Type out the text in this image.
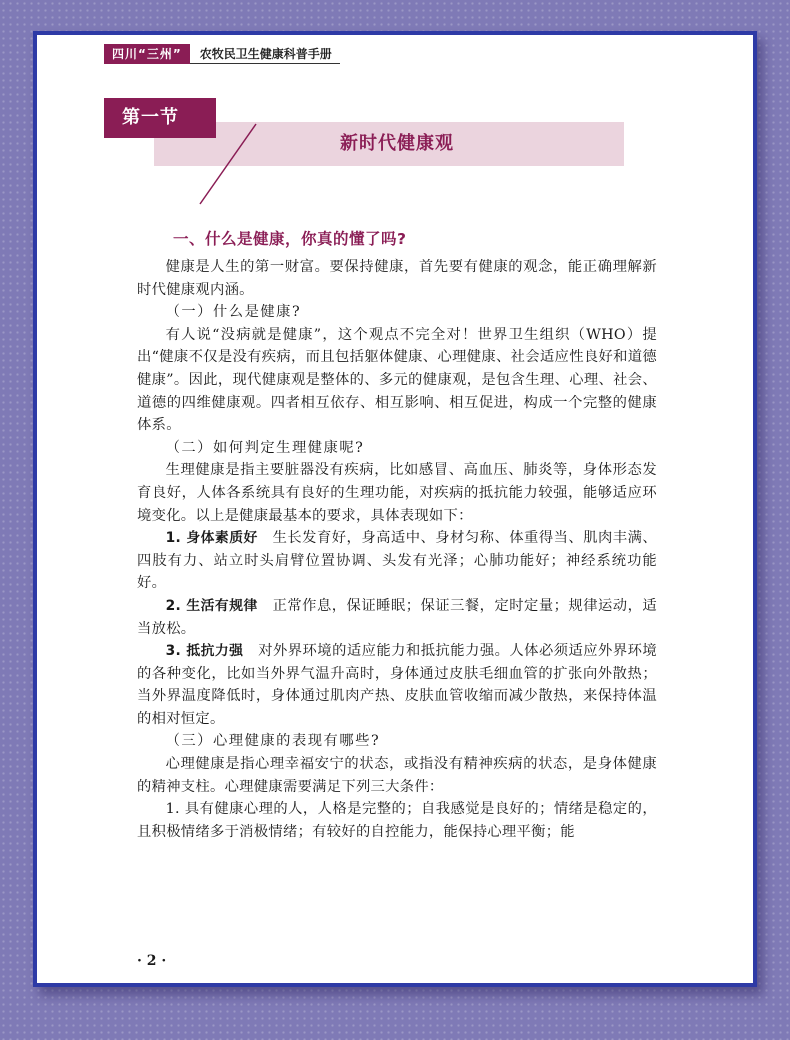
四川“三州”	农牧民卫生健康科普手册
第一节
新时代健康观
一、什么是健康，你真的懂了吗?

健康是人生的第一财富。要保持健康，首先要有健康的观念，能正确理解新时代健康观内涵。

（一）什么是健康?

有人说“没病就是健康”，这个观点不完全对！世界卫生组织（WHO）提出“健康不仅是没有疾病，而且包括躯体健康、心理健康、社会适应性良好和道德健康”。因此，现代健康观是整体的、多元的健康观，是包含生理、心理、社会、道德的四维健康观。四者相互依存、相互影响、相互促进，构成一个完整的健康体系。

（二）如何判定生理健康呢?

生理健康是指主要脏器没有疾病，比如感冒、高血压、肺炎等，身体形态发育良好，人体各系统具有良好的生理功能，对疾病的抵抗能力较强，能够适应环境变化。以上是健康最基本的要求，具体表现如下：

1. 身体素质好　 生长发育好，身高适中、身材匀称、体重得当、肌肉丰满、四肢有力、站立时头肩臂位置协调、头发有光泽；心肺功能好；神经系统功能好。

2. 生活有规律　 正常作息，保证睡眠；保证三餐，定时定量；规律运动，适当放松。

3. 抵抗力强　 对外界环境的适应能力和抵抗能力强。人体必须适应外界环境的各种变化，比如当外界气温升高时，身体通过皮肤毛细血管的扩张向外散热；当外界温度降低时，身体通过肌肉产热、皮肤血管收缩而减少散热，来保持体温的相对恒定。

（三）心理健康的表现有哪些?

心理健康是指心理幸福安宁的状态，或指没有精神疾病的状态，是身体健康的精神支柱。心理健康需要满足下列三大条件：

1. 具有健康心理的人，人格是完整的；自我感觉是良好的；情绪是稳定的，且积极情绪多于消极情绪；有较好的自控能力，能保持心理平衡；能

· 2 ·
